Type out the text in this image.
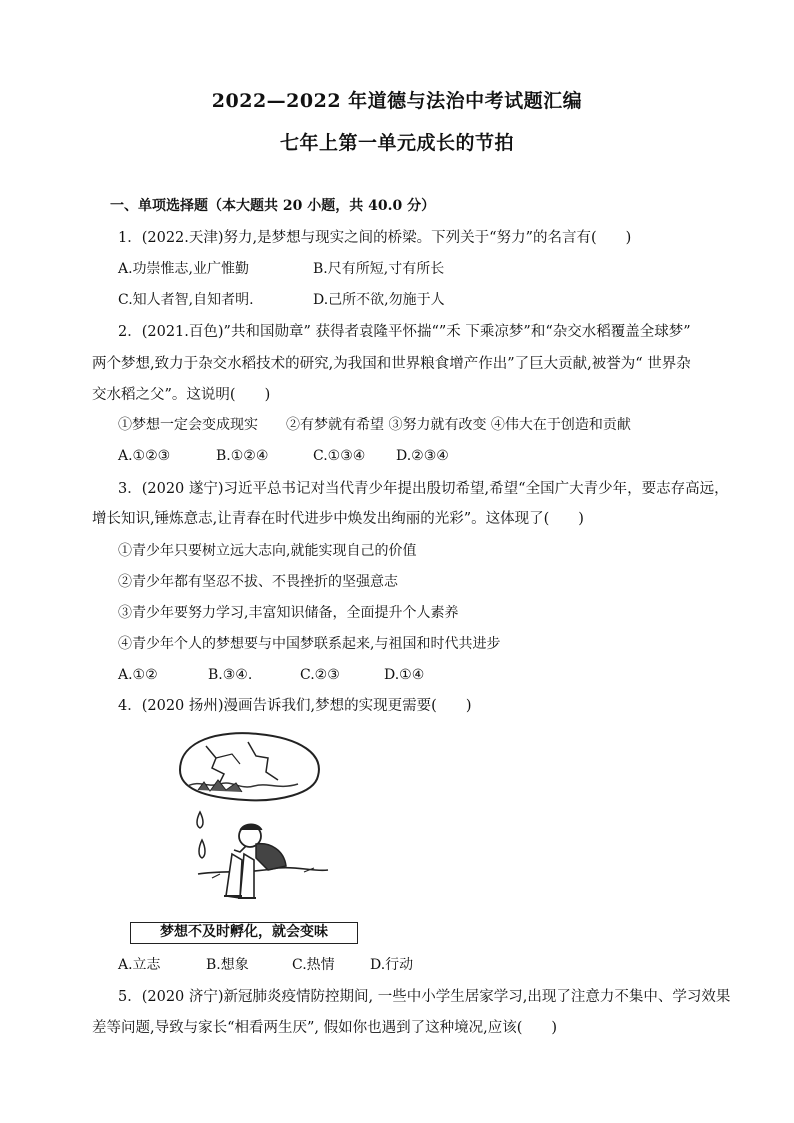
2022—2022 年道德与法治中考试题汇编
七年上第一单元成长的节拍
一、单项选择题（本大题共 20 小题，共 40.0 分）
1．(2022.天津)努力,是梦想与现实之间的桥梁。下列关于“努力”的名言有(　　)
A.功崇惟志,业广惟勤	B.尺有所短,寸有所长
C.知人者智,自知者明.	D.己所不欲,勿施于人
2．(2021.百色)”共和国勋章” 获得者袁隆平怀揣“”禾 下乘凉梦”和“杂交水稻覆盖全球梦”
两个梦想,致力于杂交水稻技术的研究,为我国和世界粮食增产作出”了巨大贡献,被誉为“ 世界杂
交水稻之父”。这说明(　　)
①梦想一定会变成现实　　②有梦就有希望 ③努力就有改变 ④伟大在于创造和贡献
A.①②③	B.①②④	C.①③④ D.②③④
3．(2020 遂宁)习近平总书记对当代青少年提出殷切希望,希望“全国广大青少年，要志存高远，
增长知识,锤炼意志,让青春在时代进步中焕发出绚丽的光彩”。这体现了(　　)
①青少年只要树立远大志向,就能实现自己的价值
②青少年都有坚忍不拔、不畏挫折的坚强意志
③青少年要努力学习,丰富知识储备，全面提升个人素养
④青少年个人的梦想要与中国梦联系起来,与祖国和时代共进步
A.①②	B.③④.	C.②③	D.①④
4．(2020 扬州)漫画告诉我们,梦想的实现更需要(　　)
梦想不及时孵化，就会变味
A.立志	B.想象	C.热情	D.行动
5．(2020 济宁)新冠肺炎疫情防控期间, 一些中小学生居家学习,出现了注意力不集中、学习效果
差等问题,导致与家长“相看两生厌”, 假如你也遇到了这种境况,应该(　　)
